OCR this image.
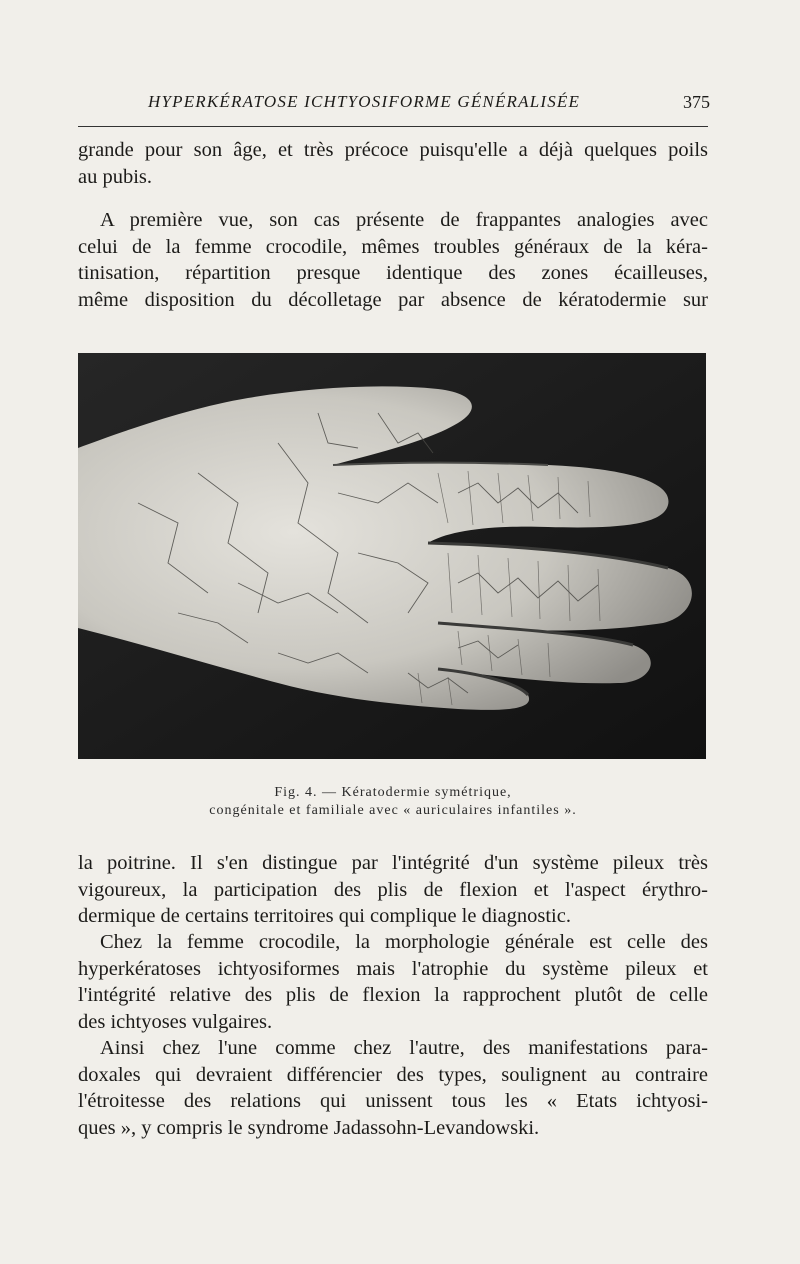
HYPERKÉRATOSE ICHTYOSIFORME GÉNÉRALISÉE	375

grande pour son âge, et très précoce puisqu'elle a déjà quelques poils
au pubis.

A première vue, son cas présente de frappantes analogies avec
celui de la femme crocodile, mêmes troubles généraux de la kéra-
tinisation, répartition presque identique des zones écailleuses,
même disposition du décolletage par absence de kératodermie sur

Fig. 4. — Kératodermie symétrique,
congénitale et familiale avec « auriculaires infantiles ».

la poitrine. Il s'en distingue par l'intégrité d'un système pileux très
vigoureux, la participation des plis de flexion et l'aspect érythro-
dermique de certains territoires qui complique le diagnostic.

Chez la femme crocodile, la morphologie générale est celle des
hyperkératoses ichtyosiformes mais l'atrophie du système pileux et
l'intégrité relative des plis de flexion la rapprochent plutôt de celle
des ichtyoses vulgaires.

Ainsi chez l'une comme chez l'autre, des manifestations para-
doxales qui devraient différencier des types, soulignent au contraire
l'étroitesse des relations qui unissent tous les « Etats ichtyosi-
ques », y compris le syndrome Jadassohn-Levandowski.
